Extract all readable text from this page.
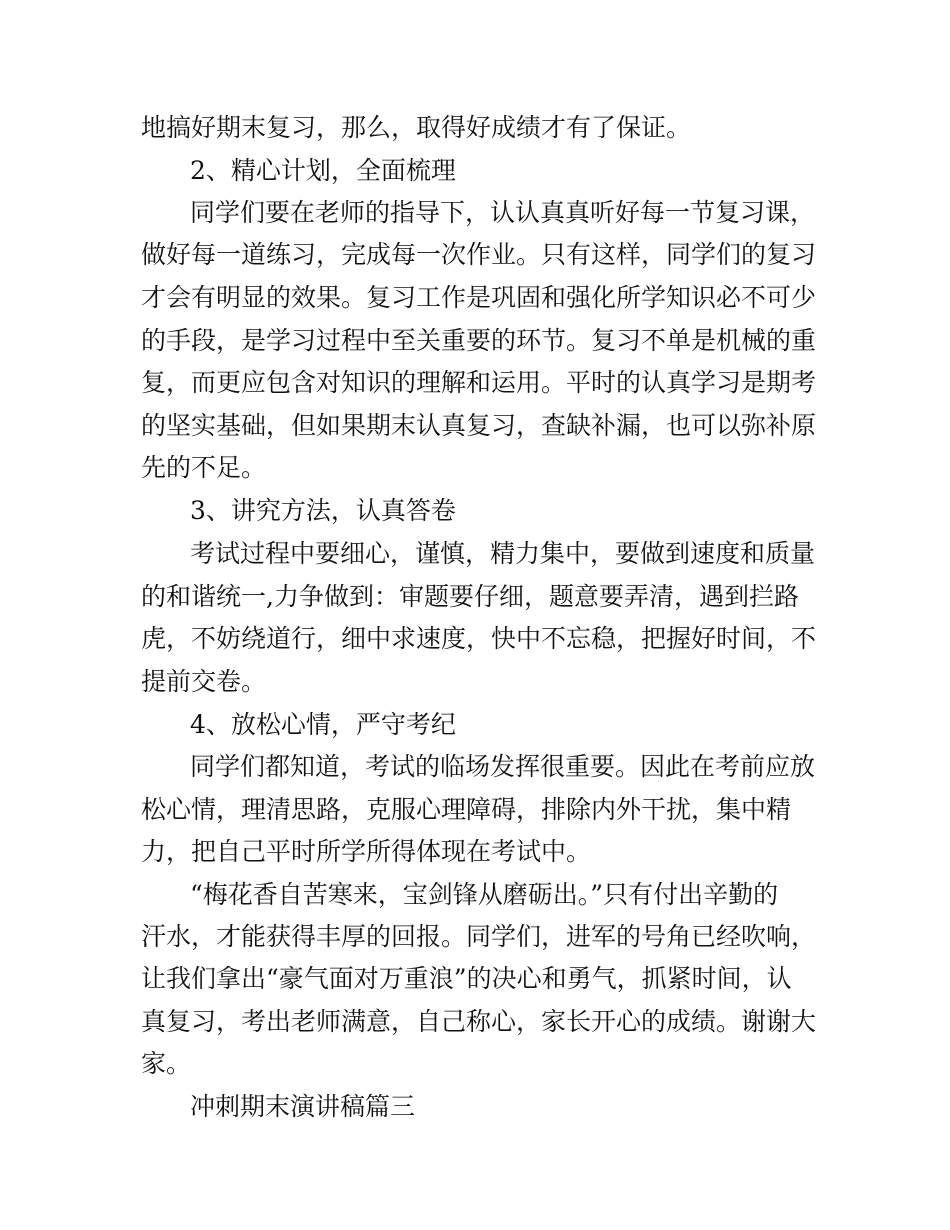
地搞好期末复习，那么，取得好成绩才有了保证。
2、精心计划，全面梳理
同学们要在老师的指导下，认认真真听好每一节复习课，
做好每一道练习，完成每一次作业。只有这样，同学们的复习
才会有明显的效果。复习工作是巩固和强化所学知识必不可少
的手段，是学习过程中至关重要的环节。复习不单是机械的重
复，而更应包含对知识的理解和运用。平时的认真学习是期考
的坚实基础，但如果期末认真复习，查缺补漏，也可以弥补原
先的不足。
3、讲究方法，认真答卷
考试过程中要细心，谨慎，精力集中，要做到速度和质量
的和谐统一,力争做到：审题要仔细，题意要弄清，遇到拦路
虎，不妨绕道行，细中求速度，快中不忘稳，把握好时间，不
提前交卷。
4、放松心情，严守考纪
同学们都知道，考试的临场发挥很重要。因此在考前应放
松心情，理清思路，克服心理障碍，排除内外干扰，集中精
力，把自己平时所学所得体现在考试中。
“梅花香自苦寒来，宝剑锋从磨砺出。”只有付出辛勤的
汗水，才能获得丰厚的回报。同学们，进军的号角已经吹响，
让我们拿出“豪气面对万重浪”的决心和勇气，抓紧时间，认
真复习，考出老师满意，自己称心，家长开心的成绩。谢谢大
家。
冲刺期末演讲稿篇三
